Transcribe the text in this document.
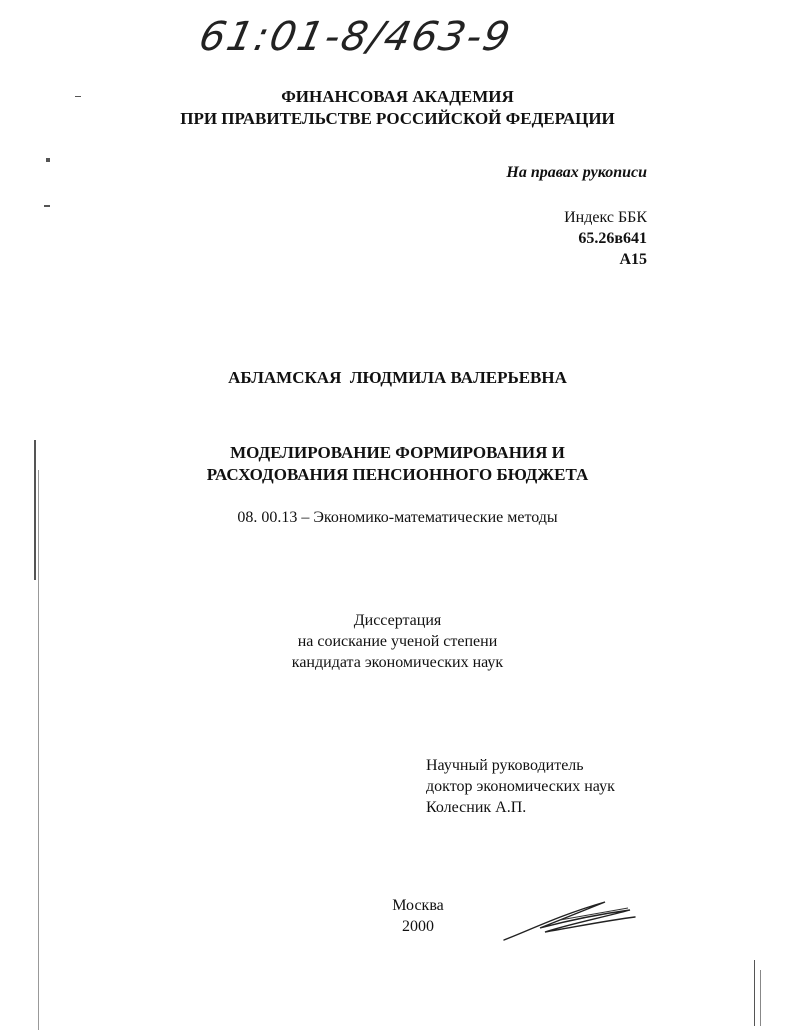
61:01-8/463-9
ФИНАНСОВАЯ АКАДЕМИЯ
ПРИ ПРАВИТЕЛЬСТВЕ РОССИЙСКОЙ ФЕДЕРАЦИИ
На правах рукописи
Индекс ББК
65.26в641
А15
АБЛАМСКАЯ  ЛЮДМИЛА ВАЛЕРЬЕВНА
МОДЕЛИРОВАНИЕ ФОРМИРОВАНИЯ И
РАСХОДОВАНИЯ ПЕНСИОННОГО БЮДЖЕТА
08. 00.13 – Экономико-математические методы
Диссертация
на соискание ученой степени
кандидата экономических наук
Научный руководитель
доктор экономических наук
Колесник А.П.
Москва
2000
